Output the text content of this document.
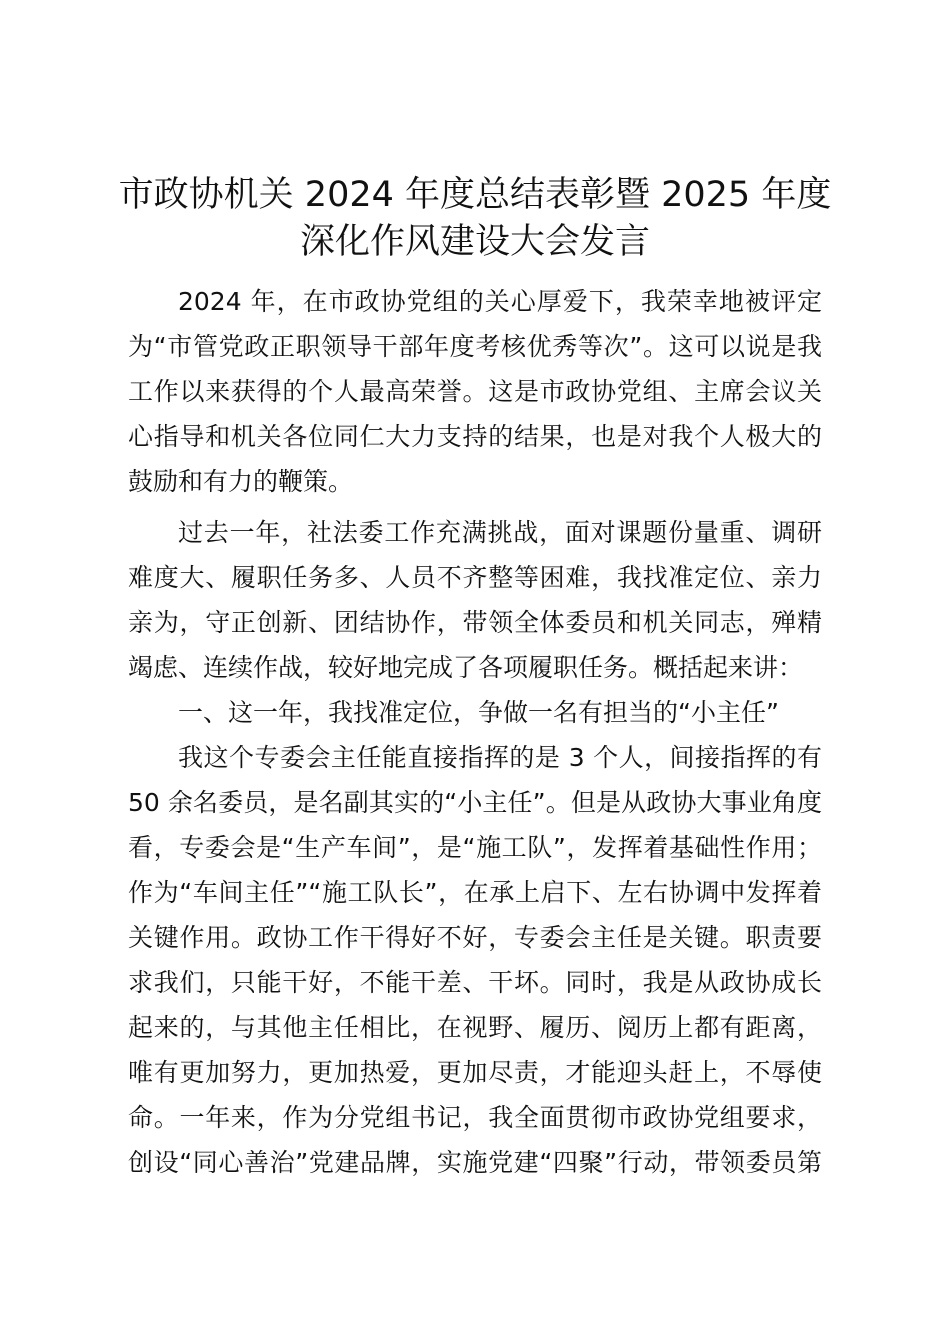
市政协机关 2024 年度总结表彰暨 2025 年度
深化作风建设大会发言
2024 年，在市政协党组的关心厚爱下，我荣幸地被评定
为“市管党政正职领导干部年度考核优秀等次”。这可以说是我
工作以来获得的个人最高荣誉。这是市政协党组、主席会议关
心指导和机关各位同仁大力支持的结果，也是对我个人极大的
鼓励和有力的鞭策。
过去一年，社法委工作充满挑战，面对课题份量重、调研
难度大、履职任务多、人员不齐整等困难，我找准定位、亲力
亲为，守正创新、团结协作，带领全体委员和机关同志，殚精
竭虑、连续作战，较好地完成了各项履职任务。概括起来讲：
一、这一年，我找准定位，争做一名有担当的“小主任”
我这个专委会主任能直接指挥的是 3 个人，间接指挥的有
50 余名委员，是名副其实的“小主任”。但是从政协大事业角度
看，专委会是“生产车间”，是“施工队”，发挥着基础性作用；
作为“车间主任”“施工队长”，在承上启下、左右协调中发挥着
关键作用。政协工作干得好不好，专委会主任是关键。职责要
求我们，只能干好，不能干差、干坏。同时，我是从政协成长
起来的，与其他主任相比，在视野、履历、阅历上都有距离，
唯有更加努力，更加热爱，更加尽责，才能迎头赶上，不辱使
命。一年来，作为分党组书记，我全面贯彻市政协党组要求，
创设“同心善治”党建品牌，实施党建“四聚”行动，带领委员第
